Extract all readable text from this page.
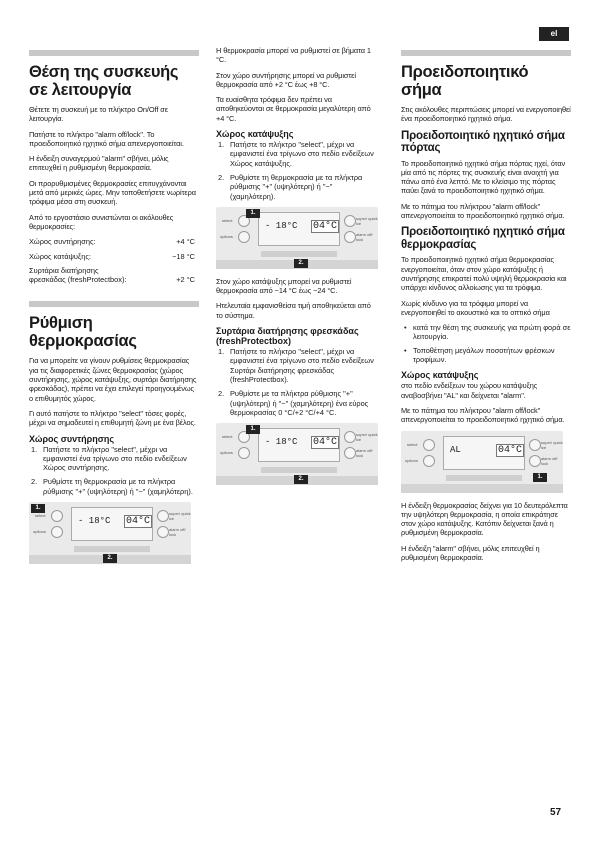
el
Θέση της συσκευής σε λειτουργία

Θέτετε τη συσκευή με το πλήκτρο On/Off σε λειτουργία.

Πατήστε το πλήκτρο "alarm off/lock". Το προειδοποιητικό ηχητικό σήμα απενεργοποιείται.

Η ένδειξη συναγερμού "alarm" σβήνει, μόλις επιτευχθεί η ρυθμισμένη θερμοκρασία.

Οι προρυθμισμένες θερμοκρασίες επιτυγχάνονται μετά από μερικές ώρες. Μην τοποθετήσετε νωρίτερα τρόφιμα μέσα στη συσκευή.

Από το εργοστάσιο συνιστώνται οι ακόλουθες θερμοκρασίες:

Χώρος συντήρησης:	+4 °C
Χώρος κατάψυξης:	−18 °C
Συρτάρια διατήρησης φρεσκάδας (freshProtectbox):	+2 °C
Ρύθμιση θερμοκρασίας

Για να μπορείτε να γίνουν ρυθμίσεις θερμοκρασίας για τις διαφορετικές ζώνες θερμοκρασίας (χώρος συντήρησης, χώρος κατάψυξης, συρτάρι διατήρησης φρεσκάδας), πρέπει να έχει επιλεγεί προηγουμένως ο επιθυμητός χώρος.

Γι αυτό πατήστε το πλήκτρο "select" τόσες φορές, μέχρι να σημαδευτεί η επιθυμητή ζώνη με ένα βέλος.

Χώρος συντήρησης
1. Πατήστε το πλήκτρο "select", μέχρι να εμφανιστεί ένα τρίγωνο στο πεδίο ενδείξεων Χώρος συντήρησης.
2. Ρυθμίστε τη θερμοκρασία με τα πλήκτρα ρύθμισης "+" (υψηλότερη) ή "−" (χαμηλότερη).
select
options
- 18°C 04°C
super/ quick ice
alarm off/ lock
1.
2.

Η θερμοκρασία μπορεί να ρυθμιστεί σε βήματα 1 °C.

Στον χώρο συντήρησης μπορεί να ρυθμιστεί θερμοκρασία από +2 °C έως +8 °C.

Τα ευαίσθητα τρόφιμα δεν πρέπει να αποθηκεύονται σε θερμοκρασία μεγαλύτερη από +4 °C.

Χώρος κατάψυξης
1. Πατήστε το πλήκτρο "select", μέχρι να εμφανιστεί ένα τρίγωνο στο πεδίο ενδείξεων Χώρος κατάψυξης.
2. Ρυθμίστε τη θερμοκρασία με τα πλήκτρα ρύθμισης "+" (υψηλότερη) ή "−" (χαμηλότερη).
select
options
- 18°C 04°C
super/ quick ice
alarm off/ lock
1.
2.

Στον χώρο κατάψυξης μπορεί να ρυθμιστεί θερμοκρασία από −14 °C έως −24 °C.

Ητελευταία εμφανισθείσα τιμή αποθηκεύεται από το σύστημα.

Συρτάρια διατήρησης φρεσκάδας (freshProtectbox)
1. Πατήστε το πλήκτρο "select", μέχρι να εμφανιστεί ένα τρίγωνο στο πεδίο ενδείξεων Συρτάρι διατήρησης φρεσκάδας (freshProtectbox).
2. Ρυθμίστε με τα πλήκτρα ρύθμισης "+" (υψηλότερη) ή "−" (χαμηλότερη) ένα εύρος θερμοκρασίας 0 °C/+2 °C/+4 °C.
select
options
- 18°C 04°C
super/ quick ice
alarm off/ lock
1.
2.
Προειδοποιητικό σήμα

Στις ακόλουθες περιπτώσεις μπορεί να ενεργοποιηθεί ένα προειδοποιητικό ηχητικό σήμα.

Προειδοποιητικό ηχητικό σήμα πόρτας

Το προειδοποιητικό ηχητικό σήμα πόρτας ηχεί, όταν μία από τις πόρτες της συσκευής είναι ανοιχτή για πάνω από ένα λεπτό. Με το κλείσιμο της πόρτας παύει ξανά το προειδοποιητικό ηχητικό σήμα.

Με το πάτημα του πλήκτρου "alarm off/lock" απενεργοποιείται το προειδοποιητικό ηχητικό σήμα.

Προειδοποιητικό ηχητικό σήμα θερμοκρασίας

Το προειδοποιητικό ηχητικό σήμα θερμοκρασίας ενεργοποιείται, όταν στον χώρο κατάψυξης ή συντήρησης επικρατεί πολύ υψηλή θερμοκρασία και υπάρχει κίνδυνος αλλοίωσης για τα τρόφιμα.

Χωρίς κίνδυνο για τα τρόφιμα μπορεί να ενεργοποιηθεί το ακουστικό και το οπτικό σήμα

• κατά την θέση της συσκευής για πρώτη φορά σε λειτουργία.
• Τοποθέτηση μεγάλων ποσοτήτων φρέσκων τροφίμων.
Χώρος κατάψυξης

στο πεδίο ενδείξεων του χώρου κατάψυξης αναβοσβήνει "AL" και δείχνεται "alarm".

Με το πάτημα του πλήκτρου "alarm off/lock" απενεργοποιείται το προειδοποιητικό ηχητικό σήμα.

select
options
AL	04°C
super/ quick ice
alarm off/ lock
1.

Η ένδειξη θερμοκρασίας δείχνει για 10 δευτερόλεπτα την υψηλότερη θερμοκρασία, η οποία επικράτησε στον χώρο κατάψυξης. Κατόπιν δείχνεται ξανά η ρυθμισμένη θερμοκρασία.

Η ένδειξη "alarm" σβήνει, μόλις επιτευχθεί η ρυθμισμένη θερμοκρασία.

57
